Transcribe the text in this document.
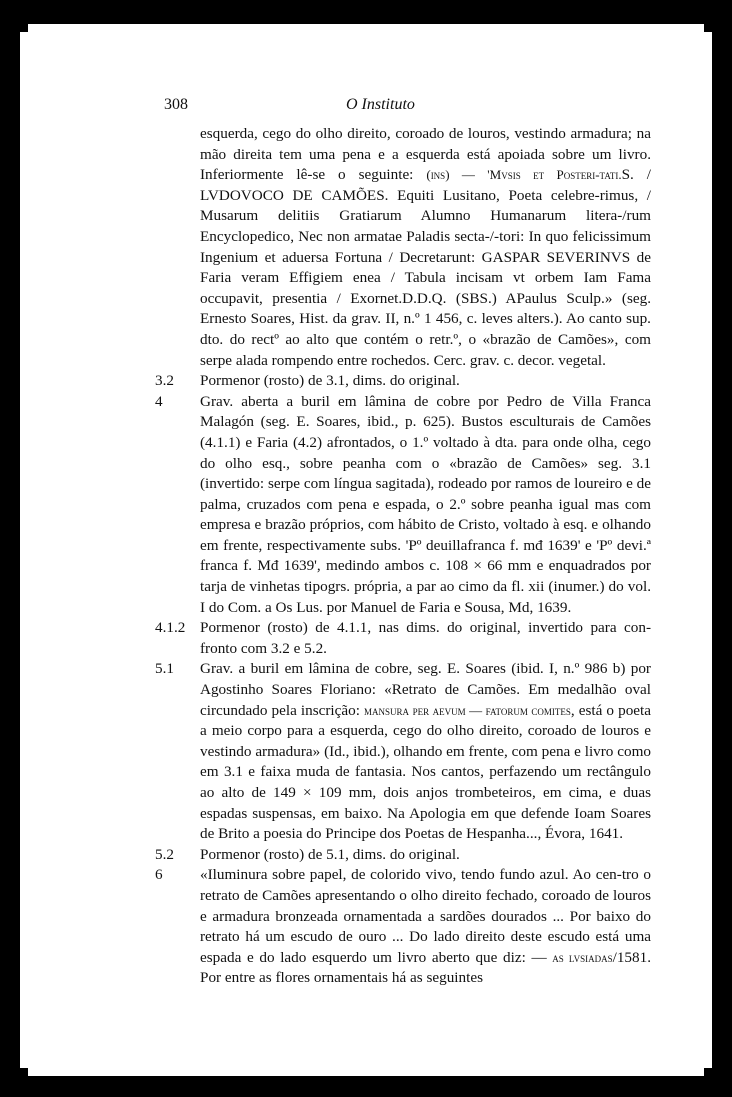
308	O Instituto
esquerda, cego do olho direito, coroado de louros, vestindo armadura; na mão direita tem uma pena e a esquerda está apoiada sobre um livro. Inferiormente lê-se o seguinte: (ins) — 'Mvsis et Posteri-tati.S. / LVDOVOCO DE CAMÕES. Equiti Lusitano, Poeta celebre-rimus, / Musarum delitiis Gratiarum Alumno Humanarum litera-/rum Encyclopedico, Nec non armatae Paladis secta-/-tori: In quo felicissimum Ingenium et aduersa Fortuna / Decretarunt: GASPAR SEVERINVS de Faria veram Effigiem enea / Tabula incisam vt orbem Iam Fama occupavit, presentia / Exornet.D.D.Q. (SBS.) APaulus Sculp.» (seg. Ernesto Soares, Hist. da grav. II, n.º 1 456, c. leves alters.). Ao canto sup. dto. do rectº ao alto que contém o retr.º, o «brazão de Camões», com serpe alada rompendo entre rochedos. Cerc. grav. c. decor. vegetal.
3.2 Pormenor (rosto) de 3.1, dims. do original.
4 Grav. aberta a buril em lâmina de cobre por Pedro de Villa Franca Malagón (seg. E. Soares, ibid., p. 625). Bustos esculturais de Camões (4.1.1) e Faria (4.2) afrontados, o 1.º voltado à dta. para onde olha, cego do olho esq., sobre peanha com o «brazão de Camões» seg. 3.1 (invertido: serpe com língua sagitada), rodeado por ramos de loureiro e de palma, cruzados com pena e espada, o 2.º sobre peanha igual mas com empresa e brazão próprios, com hábito de Cristo, voltado à esq. e olhando em frente, respectivamente subs. 'Pº deuillafranca f. mđ 1639' e 'Pº devi.ª franca f. Mđ 1639', medindo ambos c. 108 × 66 mm e enquadrados por tarja de vinhetas tipogrs. própria, a par ao cimo da fl. xii (inumer.) do vol. I do Com. a Os Lus. por Manuel de Faria e Sousa, Md, 1639.
4.1.2 Pormenor (rosto) de 4.1.1, nas dims. do original, invertido para con-fronto com 3.2 e 5.2.
5.1 Grav. a buril em lâmina de cobre, seg. E. Soares (ibid. I, n.º 986 b) por Agostinho Soares Floriano: «Retrato de Camões. Em medalhão oval circundado pela inscrição: mansura per aevum — fatorum comites, está o poeta a meio corpo para a esquerda, cego do olho direito, coroado de louros e vestindo armadura» (Id., ibid.), olhando em frente, com pena e livro como em 3.1 e faixa muda de fantasia. Nos cantos, perfazendo um rectângulo ao alto de 149 × 109 mm, dois anjos trombeteiros, em cima, e duas espadas suspensas, em baixo. Na Apologia em que defende Ioam Soares de Brito a poesia do Principe dos Poetas de Hespanha..., Évora, 1641.
5.2 Pormenor (rosto) de 5.1, dims. do original.
6 «Iluminura sobre papel, de colorido vivo, tendo fundo azul. Ao cen-tro o retrato de Camões apresentando o olho direito fechado, coroado de louros e armadura bronzeada ornamentada a sardões dourados ... Por baixo do retrato há um escudo de ouro ... Do lado direito deste escudo está uma espada e do lado esquerdo um livro aberto que diz: — as lvsiadas/1581. Por entre as flores ornamentais há as seguintes
